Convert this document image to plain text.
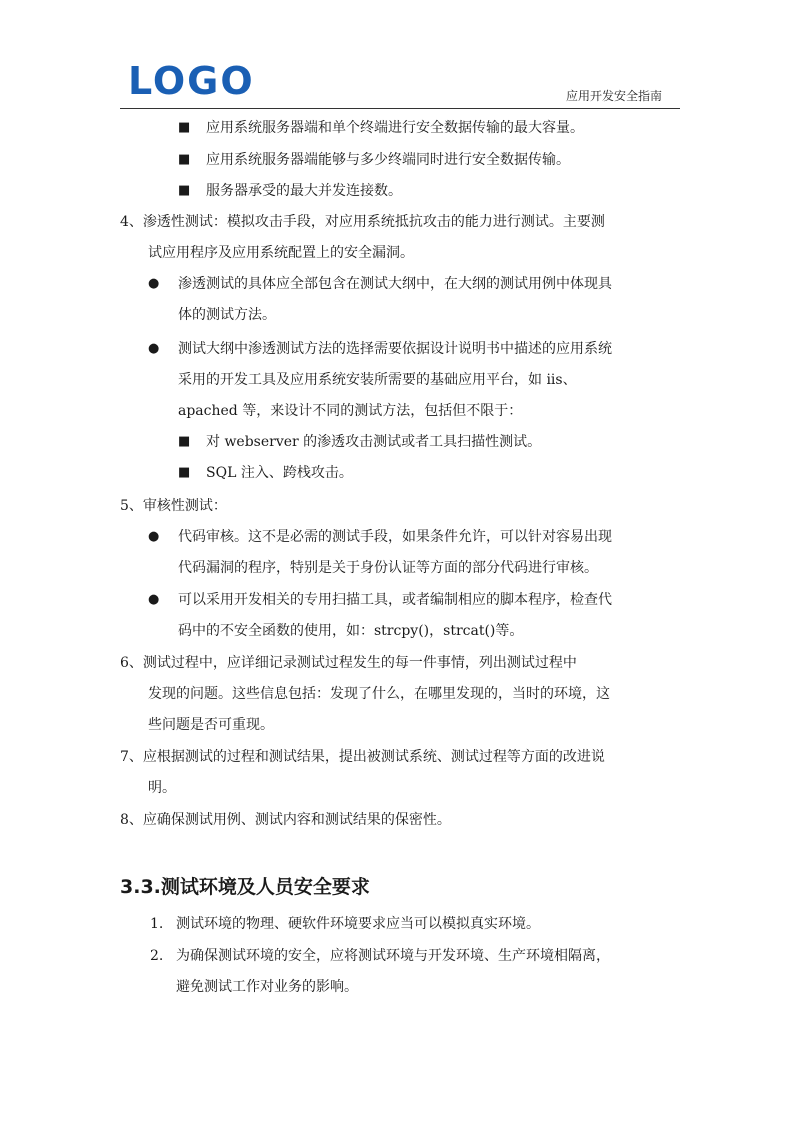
LOGO	应用开发安全指南
■ 应用系统服务器端和单个终端进行安全数据传输的最大容量。
■ 应用系统服务器端能够与多少终端同时进行安全数据传输。
■ 服务器承受的最大并发连接数。
4、渗透性测试：模拟攻击手段，对应用系统抵抗攻击的能力进行测试。主要测
试应用程序及应用系统配置上的安全漏洞。
● 渗透测试的具体应全部包含在测试大纲中，在大纲的测试用例中体现具
体的测试方法。
● 测试大纲中渗透测试方法的选择需要依据设计说明书中描述的应用系统
采用的开发工具及应用系统安装所需要的基础应用平台，如 iis、
apached 等，来设计不同的测试方法，包括但不限于：
■ 对 webserver 的渗透攻击测试或者工具扫描性测试。
■ SQL 注入、跨栈攻击。
5、审核性测试：
● 代码审核。这不是必需的测试手段，如果条件允许，可以针对容易出现
代码漏洞的程序，特别是关于身份认证等方面的部分代码进行审核。
● 可以采用开发相关的专用扫描工具，或者编制相应的脚本程序，检查代
码中的不安全函数的使用，如：strcpy()，strcat()等。
6、测试过程中，应详细记录测试过程发生的每一件事情，列出测试过程中
发现的问题。这些信息包括：发现了什么，在哪里发现的，当时的环境，这
些问题是否可重现。
7、应根据测试的过程和测试结果，提出被测试系统、测试过程等方面的改进说
明。
8、应确保测试用例、测试内容和测试结果的保密性。
3.3.测试环境及人员安全要求
1. 测试环境的物理、硬软件环境要求应当可以模拟真实环境。
2. 为确保测试环境的安全，应将测试环境与开发环境、生产环境相隔离，
避免测试工作对业务的影响。
